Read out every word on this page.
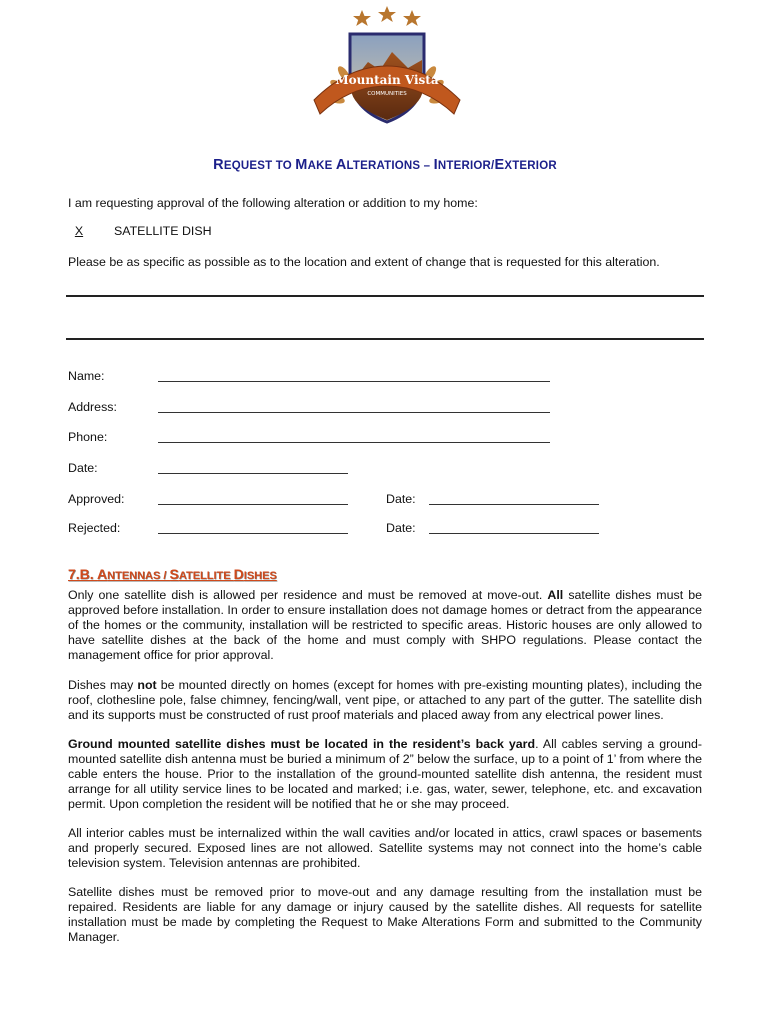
Mountain Vista
COMMUNITIES
REQUEST TO MAKE ALTERATIONS – INTERIOR/EXTERIOR
I am requesting approval of the following alteration or addition to my home:
X	SATELLITE DISH
Please be as specific as possible as to the location and extent of change that is requested for this alteration.
Name:
Address:
Phone:
Date:
Approved:	Date:
Rejected:	Date:
7.B. ANTENNAS / SATELLITE DISHES
Only one satellite dish is allowed per residence and must be removed at move-out. All satellite dishes must be approved before installation. In order to ensure installation does not damage homes or detract from the appearance of the homes or the community, installation will be restricted to specific areas. Historic houses are only allowed to have satellite dishes at the back of the home and must comply with SHPO regulations. Please contact the management office for prior approval.
Dishes may not be mounted directly on homes (except for homes with pre-existing mounting plates), including the roof, clothesline pole, false chimney, fencing/wall, vent pipe, or attached to any part of the gutter. The satellite dish and its supports must be constructed of rust proof materials and placed away from any electrical power lines.
Ground mounted satellite dishes must be located in the resident’s back yard. All cables serving a ground-mounted satellite dish antenna must be buried a minimum of 2” below the surface, up to a point of 1’ from where the cable enters the house. Prior to the installation of the ground-mounted satellite dish antenna, the resident must arrange for all utility service lines to be located and marked; i.e. gas, water, sewer, telephone, etc. and excavation permit. Upon completion the resident will be notified that he or she may proceed.
All interior cables must be internalized within the wall cavities and/or located in attics, crawl spaces or basements and properly secured. Exposed lines are not allowed. Satellite systems may not connect into the home’s cable television system. Television antennas are prohibited.
Satellite dishes must be removed prior to move-out and any damage resulting from the installation must be repaired. Residents are liable for any damage or injury caused by the satellite dishes. All requests for satellite installation must be made by completing the Request to Make Alterations Form and submitted to the Community Manager.
